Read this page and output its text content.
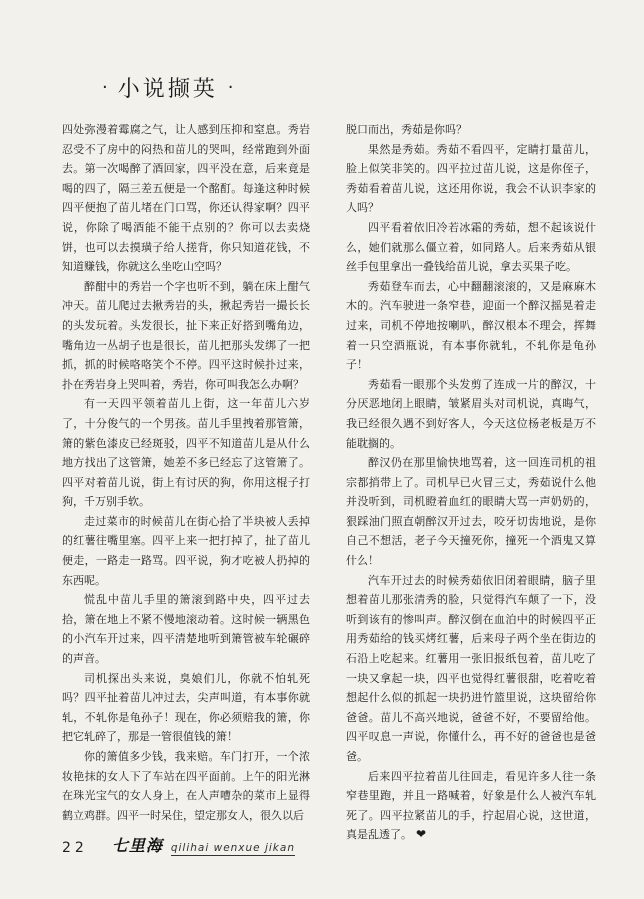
· 小说撷英 ·

四处弥漫着霉腐之气，让人感到压抑和窒息。秀岩忍受不了房中的闷热和苗儿的哭叫，经常跑到外面去。第一次喝醉了酒回家，四平没在意，后来竟是喝的四了，隔三差五便是一个酩酊。每逢这种时候四平便抱了苗儿堵在门口骂，你还认得家啊？四平说，你除了喝酒能不能干点别的？你可以去卖烧饼，也可以去摸璜子给人搓背，你只知道花钱，不知道赚钱，你就这么坐吃山空吗？

醉酣中的秀岩一个字也听不到，躺在床上酣气冲天。苗儿爬过去揪秀岩的头，揪起秀岩一撮长长的头发玩着。头发很长，扯下来正好搭到嘴角边，嘴角边一丛胡子也是很长，苗儿把那头发绑了一把抓，抓的时候咯咯笑个不停。四平这时候扑过来，扑在秀岩身上哭叫着，秀岩，你可叫我怎么办啊？

有一天四平领着苗儿上街，这一年苗儿六岁了，十分俊气的一个男孩。苗儿手里拽着那管箫，箫的紫色漆皮已经斑驳，四平不知道苗儿是从什么地方找出了这管箫，她差不多已经忘了这管箫了。四平对着苗儿说，街上有讨厌的狗，你用这棍子打狗，千万别手软。

走过菜市的时候苗儿在街心拾了半块被人丢掉的红薯往嘴里塞。四平上来一把打掉了，扯了苗儿便走，一路走一路骂。四平说，狗才吃被人扔掉的东西呢。

慌乱中苗儿手里的箫滚到路中央，四平过去拾，箫在地上不紧不慢地滚动着。这时候一辆黑色的小汽车开过来，四平清楚地听到箫管被车轮碾碎的声音。

司机探出头来说，臭娘们儿，你就不怕轧死吗？四平扯着苗儿冲过去，尖声叫道，有本事你就轧，不轧你是龟孙子！现在，你必须赔我的箫，你把它轧碎了，那是一管很值钱的箫！

你的箫值多少钱，我来赔。车门打开，一个浓妆艳抹的女人下了车站在四平面前。上午的阳光淋在珠光宝气的女人身上，在人声嘈杂的菜市上显得鹤立鸡群。四平一时呆住，望定那女人，很久以后

脱口而出，秀茹是你吗？

果然是秀茹。秀茹不看四平，定睛打量苗儿，脸上似笑非笑的。四平拉过苗儿说，这是你侄子，秀茹看着苗儿说，这还用你说，我会不认识李家的人吗？

四平看着依旧冷若冰霜的秀茹，想不起该说什么，她们就那么僵立着，如同路人。后来秀茹从银丝手包里拿出一叠钱给苗儿说，拿去买果子吃。

秀茹登车而去，心中翻翻滚滚的，又是麻麻木木的。汽车驶进一条窄巷，迎面一个醉汉摇晃着走过来，司机不停地按喇叭，醉汉根本不理会，挥舞着一只空酒瓶说，有本事你就轧，不轧你是龟孙子！

秀茹看一眼那个头发剪了连成一片的醉汉，十分厌恶地闭上眼睛，皱紧眉头对司机说，真晦气，我已经很久遇不到好客人，今天这位杨老板是万不能耽搁的。

醉汉仍在那里愉快地骂着，这一回连司机的祖宗都捎带上了。司机早已火冒三丈，秀茹说什么他并没听到，司机瞪着血红的眼睛大骂一声奶奶的，狠踩油门照直朝醉汉开过去，咬牙切齿地说，是你自己不想活，老子今天撞死你，撞死一个酒鬼又算什么！

汽车开过去的时候秀茹依旧闭着眼睛，脑子里想着苗儿那张清秀的脸，只觉得汽车颠了一下，没听到该有的惨叫声。醉汉倒在血泊中的时候四平正用秀茹给的钱买烤红薯，后来母子两个坐在街边的石沿上吃起来。红薯用一张旧报纸包着，苗儿吃了一块又拿起一块，四平也觉得红薯很甜，吃着吃着想起什么似的抓起一块扔进竹篮里说，这块留给你爸爸。苗儿不高兴地说，爸爸不好，不要留给他。四平叹息一声说，你懂什么，再不好的爸爸也是爸爸。

后来四平拉着苗儿往回走，看见许多人往一条窄巷里跑，并且一路喊着，好象是什么人被汽车轧死了。四平拉紧苗儿的手，拧起眉心说，这世道，真是乱透了。 ❤

22 七里海 qilihai wenxue jikan
